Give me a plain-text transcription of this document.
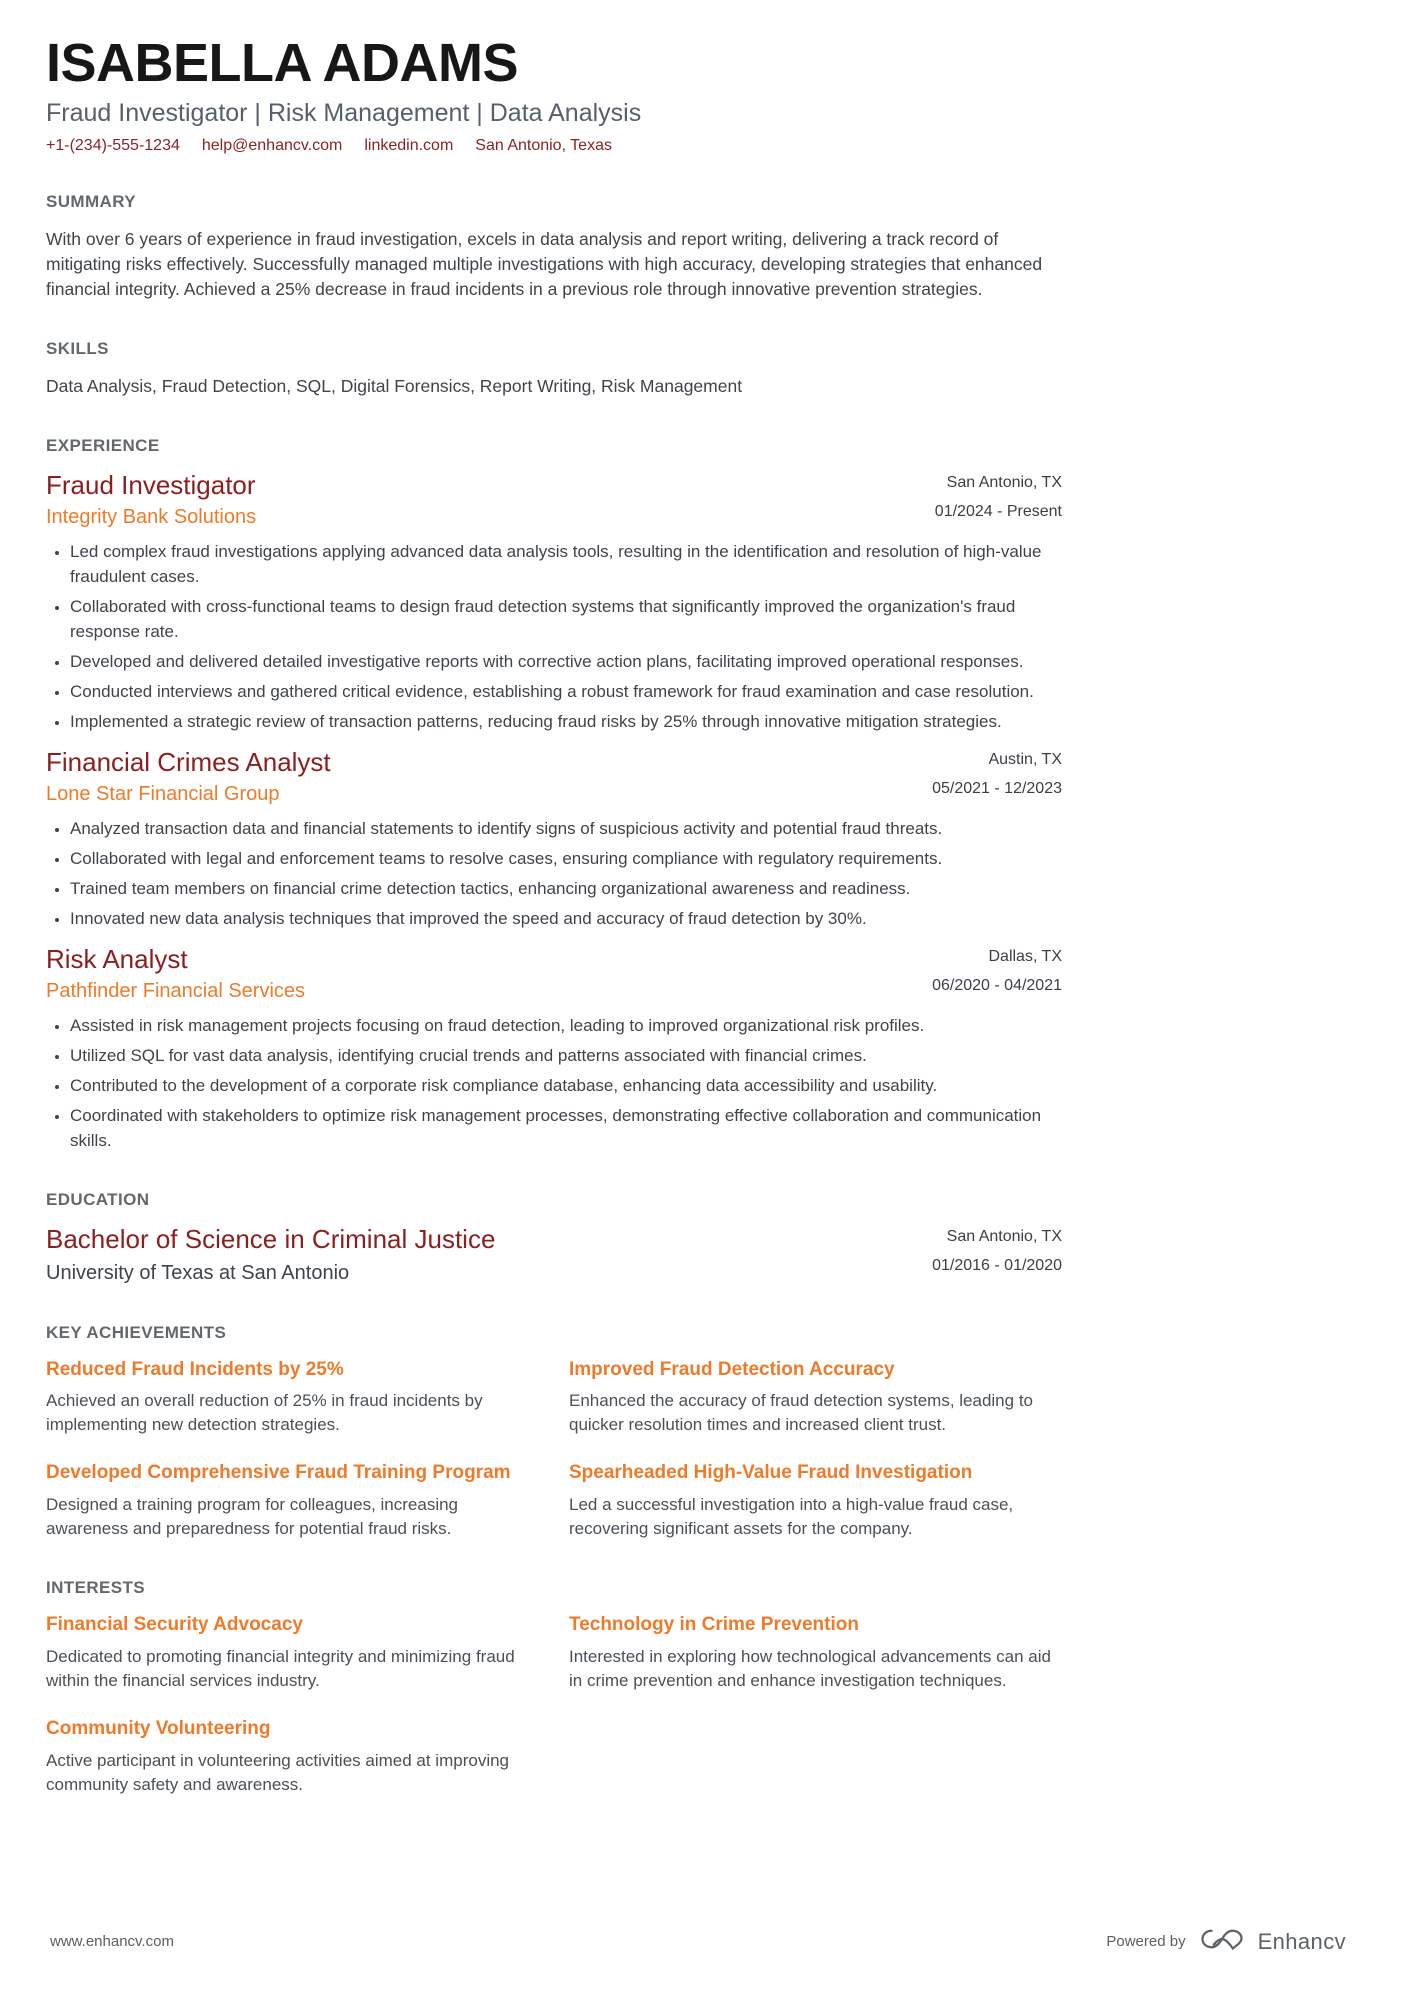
ISABELLA ADAMS

Fraud Investigator | Risk Management | Data Analysis

+1-(234)-555-1234 help@enhancv.com linkedin.com San Antonio, Texas
SUMMARY

With over 6 years of experience in fraud investigation, excels in data analysis and report writing, delivering a track record of mitigating risks effectively. Successfully managed multiple investigations with high accuracy, developing strategies that enhanced financial integrity. Achieved a 25% decrease in fraud incidents in a previous role through innovative prevention strategies.

SKILLS

Data Analysis, Fraud Detection, SQL, Digital Forensics, Report Writing, Risk Management

EXPERIENCE
Fraud Investigator

Integrity Bank Solutions

San Antonio, TX
01/2024 - Present
• Led complex fraud investigations applying advanced data analysis tools, resulting in the identification and resolution of high-value fraudulent cases.
• Collaborated with cross-functional teams to design fraud detection systems that significantly improved the organization's fraud response rate.
• Developed and delivered detailed investigative reports with corrective action plans, facilitating improved operational responses.
• Conducted interviews and gathered critical evidence, establishing a robust framework for fraud examination and case resolution.
• Implemented a strategic review of transaction patterns, reducing fraud risks by 25% through innovative mitigation strategies.
Financial Crimes Analyst

Lone Star Financial Group

Austin, TX
05/2021 - 12/2023
• Analyzed transaction data and financial statements to identify signs of suspicious activity and potential fraud threats.
• Collaborated with legal and enforcement teams to resolve cases, ensuring compliance with regulatory requirements.
• Trained team members on financial crime detection tactics, enhancing organizational awareness and readiness.
• Innovated new data analysis techniques that improved the speed and accuracy of fraud detection by 30%.
Risk Analyst

Pathfinder Financial Services

Dallas, TX
06/2020 - 04/2021
• Assisted in risk management projects focusing on fraud detection, leading to improved organizational risk profiles.
• Utilized SQL for vast data analysis, identifying crucial trends and patterns associated with financial crimes.
• Contributed to the development of a corporate risk compliance database, enhancing data accessibility and usability.
• Coordinated with stakeholders to optimize risk management processes, demonstrating effective collaboration and communication skills.
EDUCATION
Bachelor of Science in Criminal Justice

University of Texas at San Antonio

San Antonio, TX
01/2016 - 01/2020
KEY ACHIEVEMENTS
Reduced Fraud Incidents by 25%

Achieved an overall reduction of 25% in fraud incidents by implementing new detection strategies.

Improved Fraud Detection Accuracy

Enhanced the accuracy of fraud detection systems, leading to quicker resolution times and increased client trust.

Developed Comprehensive Fraud Training Program

Designed a training program for colleagues, increasing awareness and preparedness for potential fraud risks.

Spearheaded High-Value Fraud Investigation

Led a successful investigation into a high-value fraud case, recovering significant assets for the company.

INTERESTS
Financial Security Advocacy

Dedicated to promoting financial integrity and minimizing fraud within the financial services industry.

Technology in Crime Prevention

Interested in exploring how technological advancements can aid in crime prevention and enhance investigation techniques.

Community Volunteering

Active participant in volunteering activities aimed at improving community safety and awareness.

www.enhancv.com	Powered by	Enhancv
